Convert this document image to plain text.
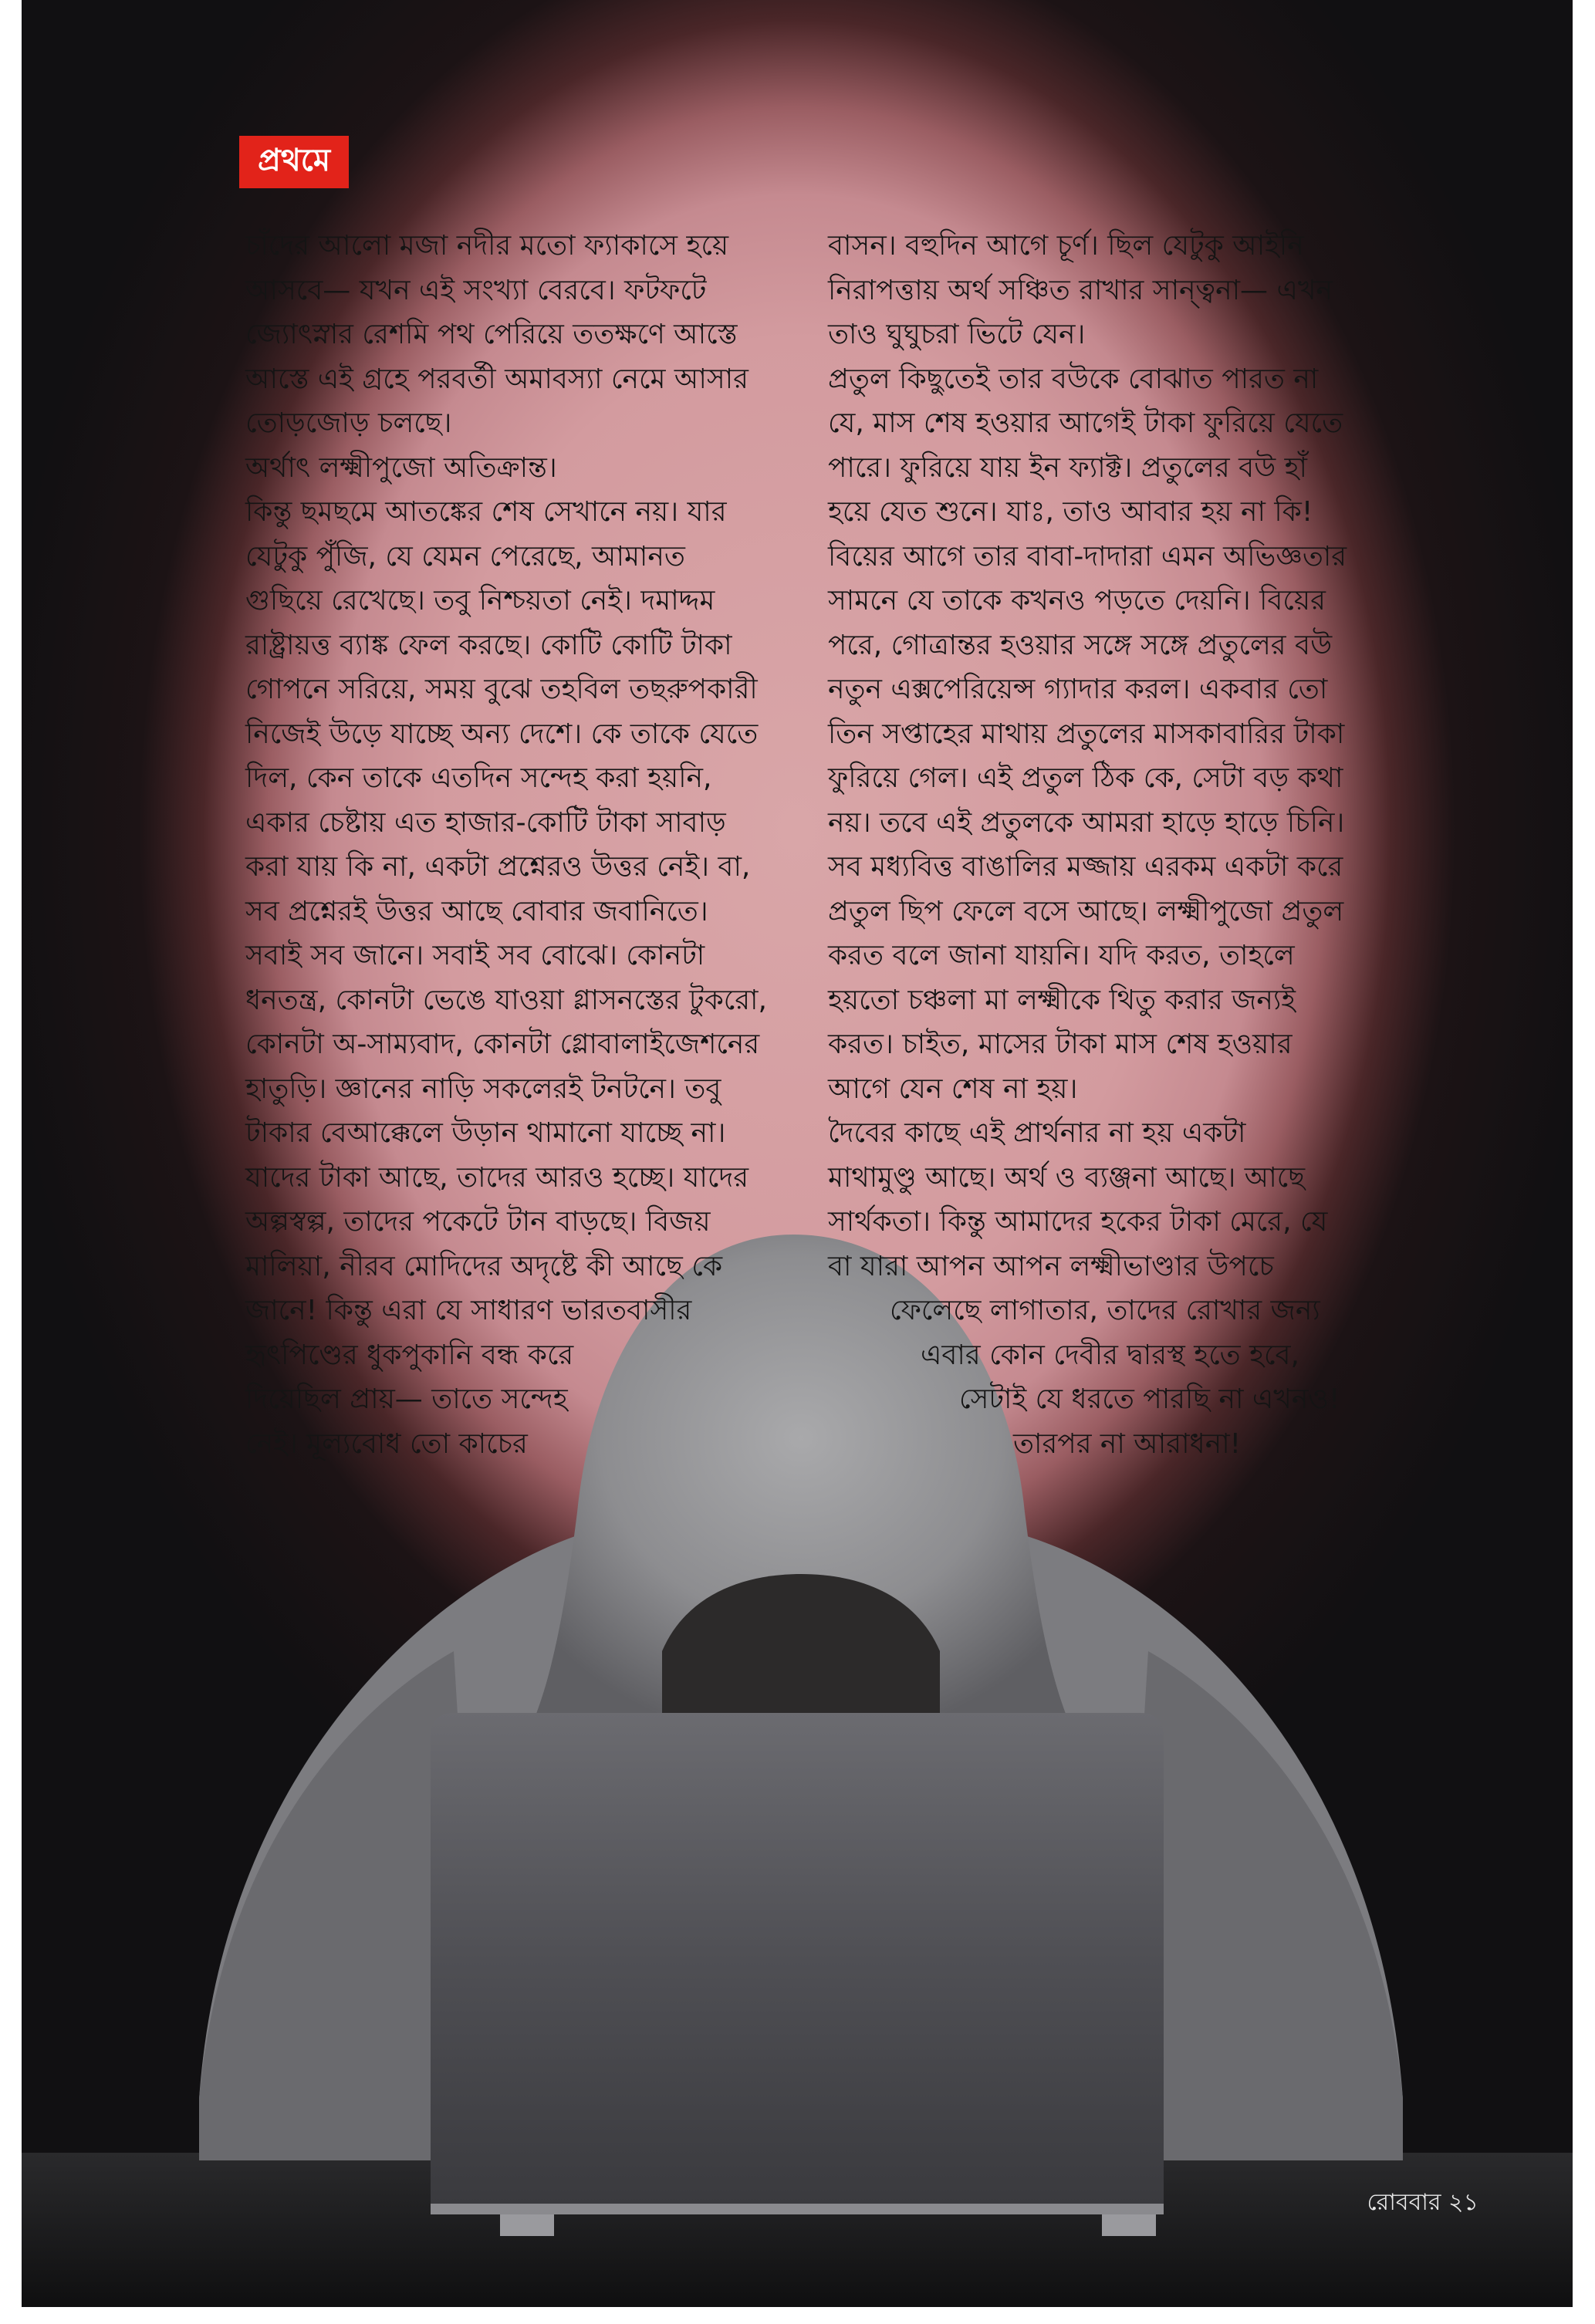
প্রথমে
চাঁদের আলো মজা নদীর মতো ফ্যাকাসে হয়ে
আসবে— যখন এই সংখ্যা বেরবে। ফটফটে
জ্যোৎস্নার রেশমি পথ পেরিয়ে ততক্ষণে আস্তে
আস্তে এই গ্রহে পরবর্তী অমাবস্যা নেমে আসার
তোড়জোড় চলছে।
অর্থাৎ লক্ষ্মীপুজো অতিক্রান্ত।
কিন্তু ছমছমে আতঙ্কের শেষ সেখানে নয়। যার
যেটুকু পুঁজি, যে যেমন পেরেছে, আমানত
গুছিয়ে রেখেছে। তবু নিশ্চয়তা নেই। দমাদ্দম
রাষ্ট্রায়ত্ত ব্যাঙ্ক ফেল করছে। কোটি কোটি টাকা
গোপনে সরিয়ে, সময় বুঝে তহবিল তছরুপকারী
নিজেই উড়ে যাচ্ছে অন্য দেশে। কে তাকে যেতে
দিল, কেন তাকে এতদিন সন্দেহ করা হয়নি,
একার চেষ্টায় এত হাজার-কোটি টাকা সাবাড়
করা যায় কি না, একটা প্রশ্নেরও উত্তর নেই। বা,
সব প্রশ্নেরই উত্তর আছে বোবার জবানিতে।
সবাই সব জানে। সবাই সব বোঝে। কোনটা
ধনতন্ত্র, কোনটা ভেঙে যাওয়া গ্লাসনস্তের টুকরো,
কোনটা অ-সাম্যবাদ, কোনটা গ্লোবালাইজেশনের
হাতুড়ি। জ্ঞানের নাড়ি সকলেরই টনটনে। তবু
টাকার বেআক্কেলে উড়ান থামানো যাচ্ছে না।
যাদের টাকা আছে, তাদের আরও হচ্ছে। যাদের
অল্পস্বল্প, তাদের পকেটে টান বাড়ছে। বিজয়
মালিয়া, নীরব মোদিদের অদৃষ্টে কী আছে কে
জানে! কিন্তু এরা যে সাধারণ ভারতবাসীর
হৃৎপিণ্ডের ধুকপুকানি বন্ধ করে
দিয়েছিল প্রায়— তাতে সন্দেহ
নেই। মূল্যবোধ তো কাচের
বাসন। বহুদিন আগে চূর্ণ। ছিল যেটুকু আইনি
নিরাপত্তায় অর্থ সঞ্চিত রাখার সান্ত্বনা— এখন
তাও ঘুঘুচরা ভিটে যেন।
প্রতুল কিছুতেই তার বউকে বোঝাত পারত না
যে, মাস শেষ হওয়ার আগেই টাকা ফুরিয়ে যেতে
পারে। ফুরিয়ে যায় ইন ফ্যাক্ট। প্রতুলের বউ হাঁ
হয়ে যেত শুনে। যাঃ, তাও আবার হয় না কি!
বিয়ের আগে তার বাবা-দাদারা এমন অভিজ্ঞতার
সামনে যে তাকে কখনও পড়তে দেয়নি। বিয়ের
পরে, গোত্রান্তর হওয়ার সঙ্গে সঙ্গে প্রতুলের বউ
নতুন এক্সপেরিয়েন্স গ্যাদার করল। একবার তো
তিন সপ্তাহের মাথায় প্রতুলের মাসকাবারির টাকা
ফুরিয়ে গেল। এই প্রতুল ঠিক কে, সেটা বড় কথা
নয়। তবে এই প্রতুলকে আমরা হাড়ে হাড়ে চিনি।
সব মধ্যবিত্ত বাঙালির মজ্জায় এরকম একটা করে
প্রতুল ছিপ ফেলে বসে আছে। লক্ষ্মীপুজো প্রতুল
করত বলে জানা যায়নি। যদি করত, তাহলে
হয়তো চঞ্চলা মা লক্ষ্মীকে থিতু করার জন্যই
করত। চাইত, মাসের টাকা মাস শেষ হওয়ার
আগে যেন শেষ না হয়।
দৈবের কাছে এই প্রার্থনার না হয় একটা
মাথামুণ্ডু আছে। অর্থ ও ব্যঞ্জনা আছে। আছে
সার্থকতা। কিন্তু আমাদের হকের টাকা মেরে, যে
বা যারা আপন আপন লক্ষ্মীভাণ্ডার উপচে
ফেলেছে লাগাতার, তাদের রোখার জন্য
এবার কোন দেবীর দ্বারস্থ হতে হবে,
সেটাই যে ধরতে পারছি না এখনও!
তারপর না আরাধনা!
রোববার ২১
